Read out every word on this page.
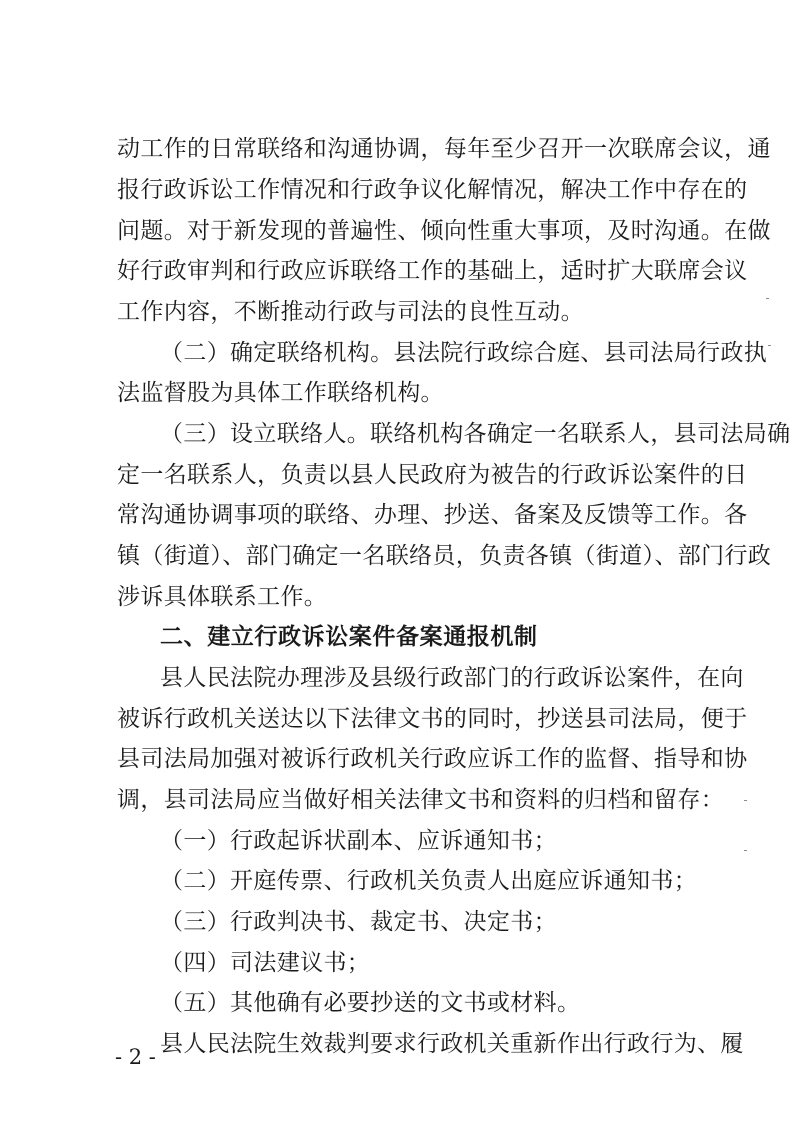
动工作的日常联络和沟通协调，每年至少召开一次联席会议，通
报行政诉讼工作情况和行政争议化解情况，解决工作中存在的
问题。对于新发现的普遍性、倾向性重大事项，及时沟通。在做
好行政审判和行政应诉联络工作的基础上，适时扩大联席会议
工作内容，不断推动行政与司法的良性互动。
（二）确定联络机构。县法院行政综合庭、县司法局行政执
法监督股为具体工作联络机构。
（三）设立联络人。联络机构各确定一名联系人，县司法局确
定一名联系人，负责以县人民政府为被告的行政诉讼案件的日
常沟通协调事项的联络、办理、抄送、备案及反馈等工作。各
镇（街道）、部门确定一名联络员，负责各镇（街道）、部门行政
涉诉具体联系工作。
二、建立行政诉讼案件备案通报机制
县人民法院办理涉及县级行政部门的行政诉讼案件，在向
被诉行政机关送达以下法律文书的同时，抄送县司法局，便于
县司法局加强对被诉行政机关行政应诉工作的监督、指导和协
调，县司法局应当做好相关法律文书和资料的归档和留存：
（一）行政起诉状副本、应诉通知书；
（二）开庭传票、行政机关负责人出庭应诉通知书；
（三）行政判决书、裁定书、决定书；
（四）司法建议书；
（五）其他确有必要抄送的文书或材料。
县人民法院生效裁判要求行政机关重新作出行政行为、履
- 2 -
